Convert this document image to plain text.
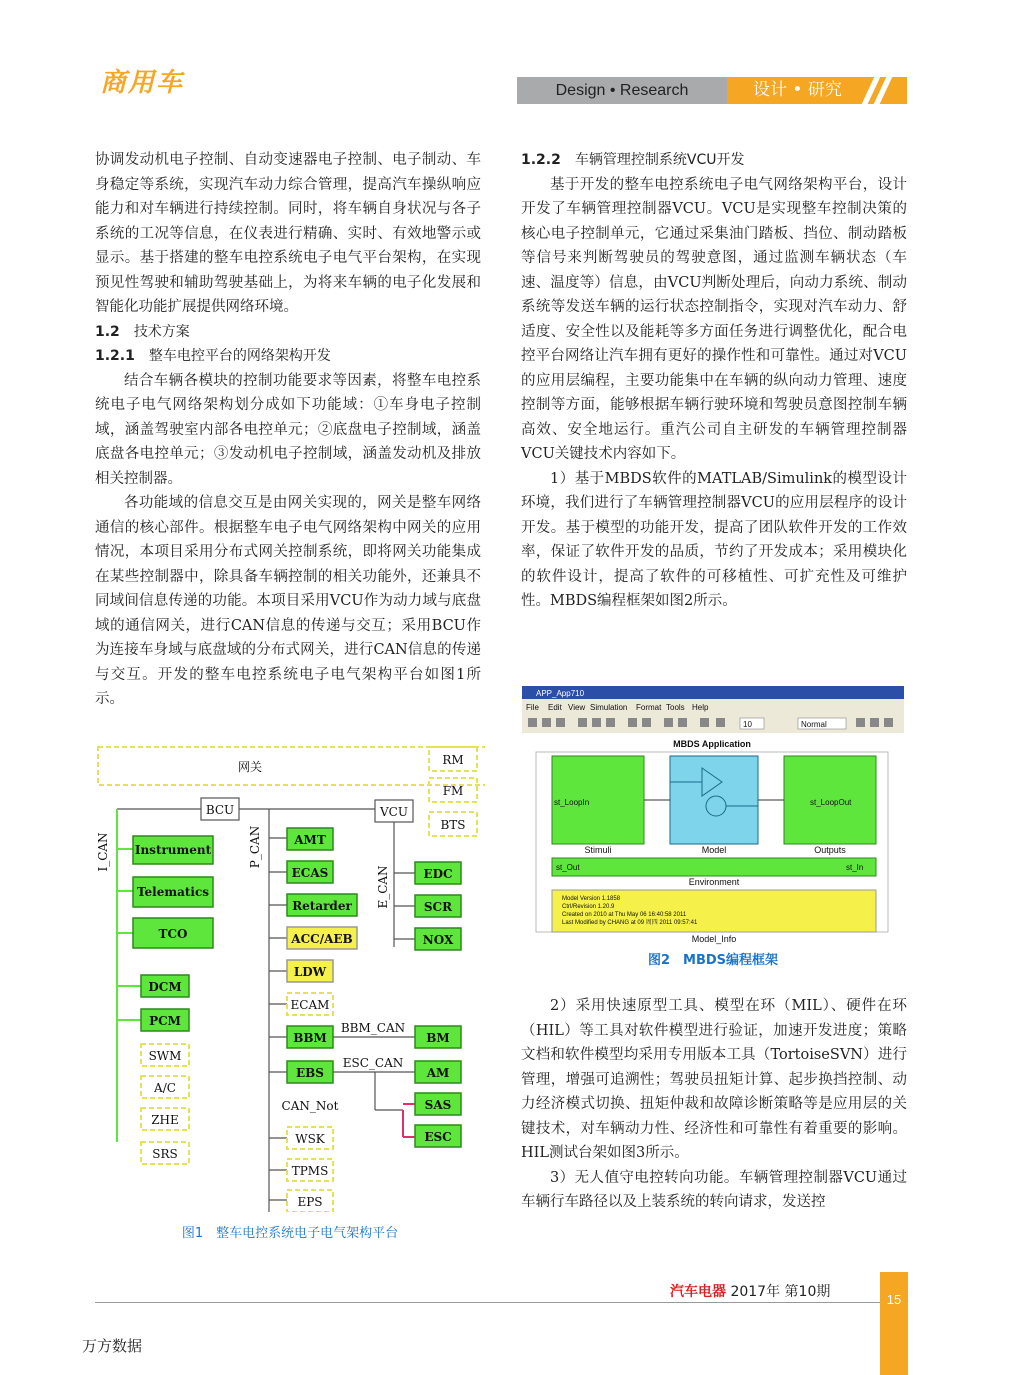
商用车	Design • Research	设计 • 研究

协调发动机电子控制、自动变速器电子控制、电子制动、车身稳定等系统，实现汽车动力综合管理，提高汽车操纵响应能力和对车辆进行持续控制。同时，将车辆自身状况与各子系统的工况等信息，在仪表进行精确、实时、有效地警示或显示。基于搭建的整车电控系统电子电气平台架构，在实现预见性驾驶和辅助驾驶基础上，为将来车辆的电子化发展和智能化功能扩展提供网络环境。

1.2 技术方案

1.2.1 整车电控平台的网络架构开发

结合车辆各模块的控制功能要求等因素，将整车电控系统电子电气网络架构划分成如下功能域：①车身电子控制域，涵盖驾驶室内部各电控单元；②底盘电子控制域，涵盖底盘各电控单元；③发动机电子控制域，涵盖发动机及排放相关控制器。

各功能域的信息交互是由网关实现的，网关是整车网络通信的核心部件。根据整车电子电气网络架构中网关的应用情况，本项目采用分布式网关控制系统，即将网关功能集成在某些控制器中，除具备车辆控制的相关功能外，还兼具不同域间信息传递的功能。本项目采用VCU作为动力域与底盘域的通信网关，进行CAN信息的传递与交互；采用BCU作为连接车身域与底盘域的分布式网关，进行CAN信息的传递与交互。开发的整车电控系统电子电气架构平台如图1所示。

网关	RM
FM
BTS
BCU	VCU
I_CAN	P_CAN
E_CAN
Instrument
Telematics
TCO
DCM
PCM
SWM
A/C
ZHE
SRS
AMT
ECAS
Retarder
ACC/AEB
LDW
ECAM
BBM
EBS
CAN_Not
WSK
TPMS
EPS
EDC
SCR
NOX
BBM_CAN
BM
ESC_CAN
AM
SAS
ESC
图1　整车电控系统电子电气架构平台

1.2.2 车辆管理控制系统VCU开发

基于开发的整车电控系统电子电气网络架构平台，设计开发了车辆管理控制器VCU。VCU是实现整车控制决策的核心电子控制单元，它通过采集油门踏板、挡位、制动踏板等信号来判断驾驶员的驾驶意图，通过监测车辆状态（车速、温度等）信息，由VCU判断处理后，向动力系统、制动系统等发送车辆的运行状态控制指令，实现对汽车动力、舒适度、安全性以及能耗等多方面任务进行调整优化，配合电控平台网络让汽车拥有更好的操作性和可靠性。通过对VCU的应用层编程，主要功能集中在车辆的纵向动力管理、速度控制等方面，能够根据车辆行驶环境和驾驶员意图控制车辆高效、安全地运行。重汽公司自主研发的车辆管理控制器VCU关键技术内容如下。

1）基于MBDS软件的MATLAB/Simulink的模型设计环境，我们进行了车辆管理控制器VCU的应用层程序的设计开发。基于模型的功能开发，提高了团队软件开发的工作效率，保证了软件开发的品质，节约了开发成本；采用模块化的软件设计，提高了软件的可移植性、可扩充性及可维护性。MBDS编程框架如图2所示。

APP_App710
File Edit View Simulation Format Tools Help
10	Normal
MBDS Application
st_LoopIn
Stimuli	Model
st_LoopOut
Outputs
st_Out	st_In
Environment
Model Version 1.1858
Ctrl/Revision 1.20.9
Created on 2010 at Thu May 06 16:40:58 2011
Last Modified by CHANG at 09 周四 2011 09:57:41
Model_Info
图2　MBDS编程框架

2）采用快速原型工具、模型在环（MIL）、硬件在环（HIL）等工具对软件模型进行验证，加速开发进度；策略文档和软件模型均采用专用版本工具（TortoiseSVN）进行管理，增强可追溯性；驾驶员扭矩计算、起步换挡控制、动力经济模式切换、扭矩仲裁和故障诊断策略等是应用层的关键技术，对车辆动力性、经济性和可靠性有着重要的影响。HIL测试台架如图3所示。

3）无人值守电控转向功能。车辆管理控制器VCU通过车辆行车路径以及上装系统的转向请求，发送控

汽车电器 2017年 第10期	15
万方数据
